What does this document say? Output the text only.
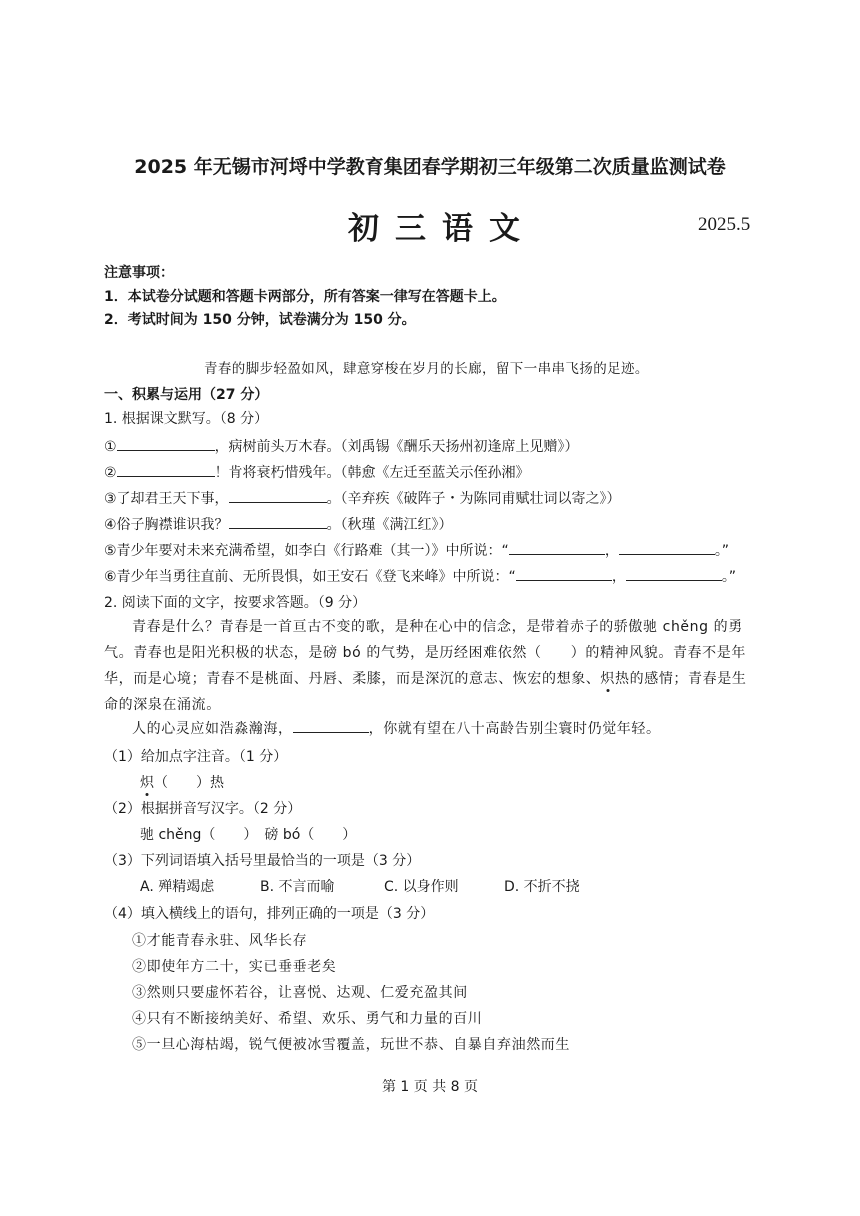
2025 年无锡市河埒中学教育集团春学期初三年级第二次质量监测试卷
初三语文	2025.5
注意事项：
1．本试卷分试题和答题卡两部分，所有答案一律写在答题卡上。
2．考试时间为 150 分钟，试卷满分为 150 分。
青春的脚步轻盈如风，肆意穿梭在岁月的长廊，留下一串串飞扬的足迹。
一、积累与运用（27 分）
1. 根据课文默写。（8 分）
①	，病树前头万木春。（刘禹锡《酬乐天扬州初逢席上见赠》）
②	！肯将衰朽惜残年。（韩愈《左迁至蓝关示侄孙湘》
③了却君王天下事，	。（辛弃疾《破阵子・为陈同甫赋壮词以寄之》）
④俗子胸襟谁识我？	。（秋瑾《满江红》）
⑤青少年要对未来充满希望，如李白《行路难（其一）》中所说：“	，	。”
⑥青少年当勇往直前、无所畏惧，如王安石《登飞来峰》中所说：“	，	。”
2. 阅读下面的文字，按要求答题。（9 分）
青春是什么？青春是一首亘古不变的歌，是种在心中的信念，是带着赤子的骄傲驰 chěng 的勇气。青春也是阳光积极的状态，是磅 bó 的气势，是历经困难依然（　　）的精神风貌。青春不是年华，而是心境；青春不是桃面、丹唇、柔膝，而是深沉的意志、恢宏的想象、炽热的感情；青春是生命的深泉在涌流。
人的心灵应如浩淼瀚海，	，你就有望在八十高龄告别尘寰时仍觉年轻。
（1）给加点字注音。（1 分）
炽（　　）热
（2）根据拼音写汉字。（2 分）
驰 chěng（　　）　磅 bó（　　）
（3）下列词语填入括号里最恰当的一项是（3 分）
A. 殚精竭虑	B. 不言而喻	C. 以身作则	D. 不折不挠
（4）填入横线上的语句，排列正确的一项是（3 分）
①才能青春永驻、风华长存
②即使年方二十，实已垂垂老矣
③然则只要虚怀若谷，让喜悦、达观、仁爱充盈其间
④只有不断接纳美好、希望、欢乐、勇气和力量的百川
⑤一旦心海枯竭，锐气便被冰雪覆盖，玩世不恭、自暴自弃油然而生
第 1 页 共 8 页
